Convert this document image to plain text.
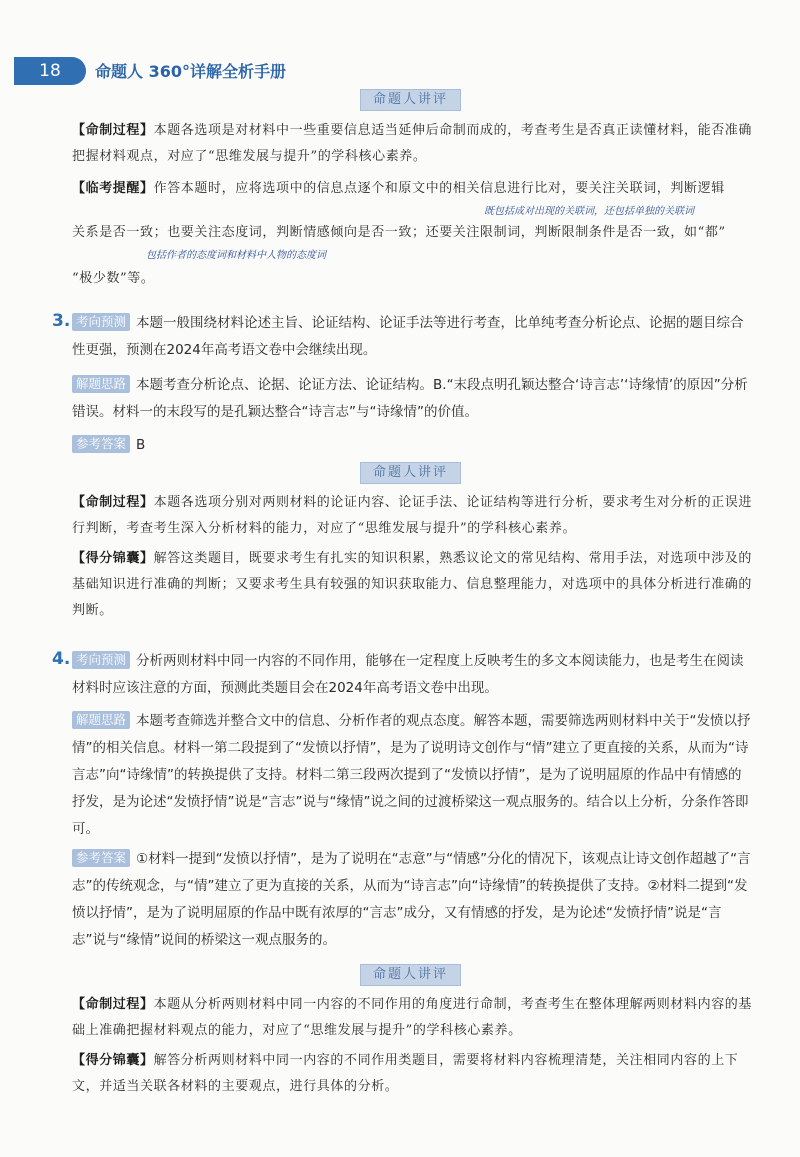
18	命题人 360°详解全析手册
命题人讲评

【命制过程】本题各选项是对材料中一些重要信息适当延伸后命制而成的，考查考生是否真正读懂材料，能否准确把握材料观点，对应了“思维发展与提升”的学科核心素养。

【临考提醒】作答本题时，应将选项中的信息点逐个和原文中的相关信息进行比对，要关注关联词，判断逻辑

既包括成对出现的关联词，还包括单独的关联词

关系是否一致；也要关注态度词，判断情感倾向是否一致；还要关注限制词，判断限制条件是否一致，如“都”

包括作者的态度词和材料中人物的态度词

“极少数”等。

3. 考向预测 本题一般围绕材料论述主旨、论证结构、论证手法等进行考查，比单纯考查分析论点、论据的题目综合性更强，预测在2024年高考语文卷中会继续出现。

解题思路 本题考查分析论点、论据、论证方法、论证结构。B.“末段点明孔颖达整合‘诗言志’‘诗缘情’的原因”分析错误。材料一的末段写的是孔颖达整合“诗言志”与“诗缘情”的价值。

参考答案 B

命题人讲评

【命制过程】本题各选项分别对两则材料的论证内容、论证手法、论证结构等进行分析，要求考生对分析的正误进行判断，考查考生深入分析材料的能力，对应了“思维发展与提升”的学科核心素养。

【得分锦囊】解答这类题目，既要求考生有扎实的知识积累，熟悉议论文的常见结构、常用手法，对选项中涉及的基础知识进行准确的判断；又要求考生具有较强的知识获取能力、信息整理能力，对选项中的具体分析进行准确的判断。

4. 考向预测 分析两则材料中同一内容的不同作用，能够在一定程度上反映考生的多文本阅读能力，也是考生在阅读材料时应该注意的方面，预测此类题目会在2024年高考语文卷中出现。

解题思路 本题考查筛选并整合文中的信息、分析作者的观点态度。解答本题，需要筛选两则材料中关于“发愤以抒情”的相关信息。材料一第二段提到了“发愤以抒情”，是为了说明诗文创作与“情”建立了更直接的关系，从而为“诗言志”向“诗缘情”的转换提供了支持。材料二第三段两次提到了“发愤以抒情”，是为了说明屈原的作品中有情感的抒发，是为论述“发愤抒情”说是“言志”说与“缘情”说之间的过渡桥梁这一观点服务的。结合以上分析，分条作答即可。

参考答案 ①材料一提到“发愤以抒情”，是为了说明在“志意”与“情感”分化的情况下，该观点让诗文创作超越了“言志”的传统观念，与“情”建立了更为直接的关系，从而为“诗言志”向“诗缘情”的转换提供了支持。②材料二提到“发愤以抒情”，是为了说明屈原的作品中既有浓厚的“言志”成分，又有情感的抒发，是为论述“发愤抒情”说是“言志”说与“缘情”说间的桥梁这一观点服务的。

命题人讲评

【命制过程】本题从分析两则材料中同一内容的不同作用的角度进行命制，考查考生在整体理解两则材料内容的基础上准确把握材料观点的能力，对应了“思维发展与提升”的学科核心素养。

【得分锦囊】解答分析两则材料中同一内容的不同作用类题目，需要将材料内容梳理清楚，关注相同内容的上下文，并适当关联各材料的主要观点，进行具体的分析。
